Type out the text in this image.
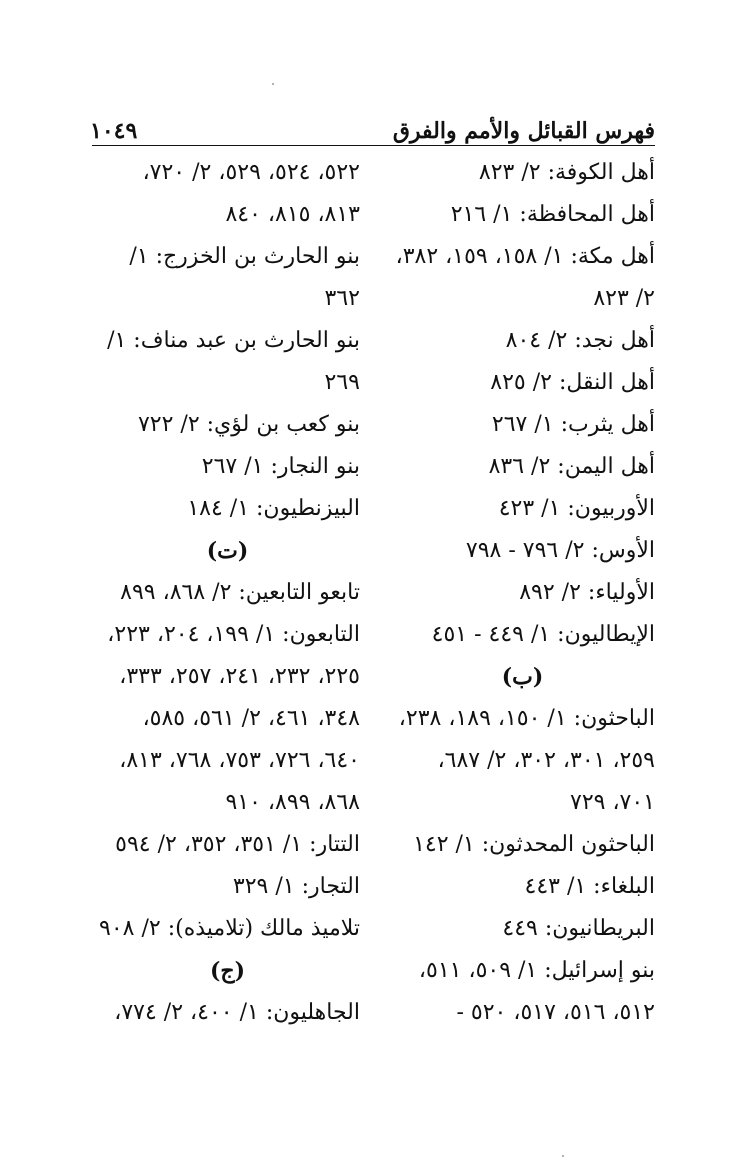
فهرس القبائل والأمم والفرق
١٠٤٩
أهل الكوفة: ٢/ ٨٢٣
أهل المحافظة: ١/ ٢١٦
أهل مكة: ١/ ١٥٨، ١٥٩، ٣٨٢، ٢/ ٨٢٣
أهل نجد: ٢/ ٨٠٤
أهل النقل: ٢/ ٨٢٥
أهل يثرب: ١/ ٢٦٧
أهل اليمن: ٢/ ٨٣٦
الأوربيون: ١/ ٤٢٣
الأوس: ٢/ ٧٩٦ - ٧٩٨
الأولياء: ٢/ ٨٩٢
الإيطاليون: ١/ ٤٤٩ - ٤٥١
(ب)
الباحثون: ١/ ١٥٠، ١٨٩، ٢٣٨، ٢٥٩، ٣٠١، ٣٠٢، ٢/ ٦٨٧، ٧٠١، ٧٢٩
الباحثون المحدثون: ١/ ١٤٢
البلغاء: ١/ ٤٤٣
البريطانيون: ٤٤٩
بنو إسرائيل: ١/ ٥٠٩، ٥١١، ٥١٢، ٥١٦، ٥١٧، ٥٢٠ -
٥٢٢، ٥٢٤، ٥٢٩، ٢/ ٧٢٠، ٨١٣، ٨١٥، ٨٤٠
بنو الحارث بن الخزرج: ١/ ٣٦٢
بنو الحارث بن عبد مناف: ١/ ٢٦٩
بنو كعب بن لؤي: ٢/ ٧٢٢
بنو النجار: ١/ ٢٦٧
البيزنطيون: ١/ ١٨٤
(ت)
تابعو التابعين: ٢/ ٨٦٨، ٨٩٩
التابعون: ١/ ١٩٩، ٢٠٤، ٢٢٣، ٢٢٥، ٢٣٢، ٢٤١، ٢٥٧، ٣٣٣، ٣٤٨، ٤٦١، ٢/ ٥٦١، ٥٨٥، ٦٤٠، ٧٢٦، ٧٥٣، ٧٦٨، ٨١٣، ٨٦٨، ٨٩٩، ٩١٠
التتار: ١/ ٣٥١، ٣٥٢، ٢/ ٥٩٤
التجار: ١/ ٣٢٩
تلاميذ مالك (تلاميذه): ٢/ ٩٠٨
(ج)
الجاهليون: ١/ ٤٠٠، ٢/ ٧٧٤،
